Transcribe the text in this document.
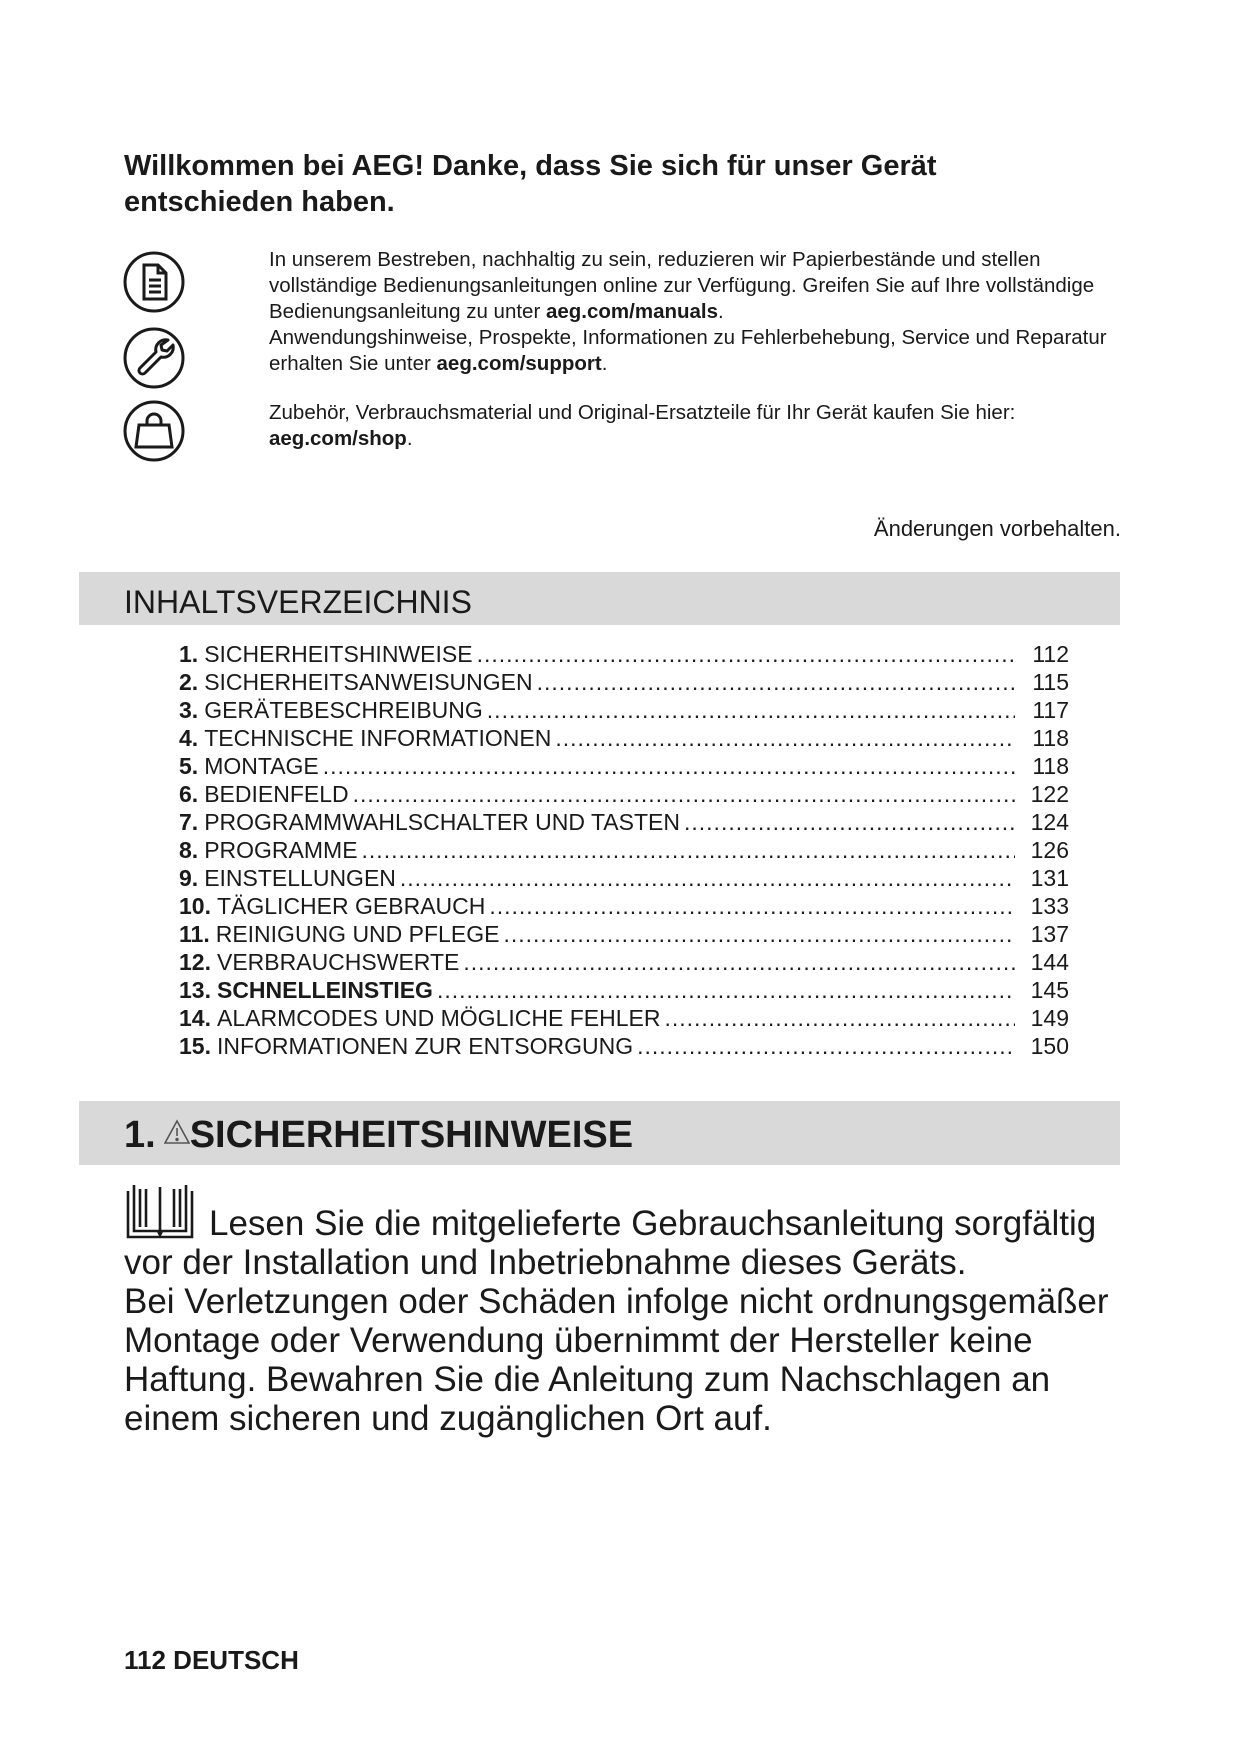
Willkommen bei AEG! Danke, dass Sie sich für unser Gerät
entschieden haben.

In unserem Bestreben, nachhaltig zu sein, reduzieren wir Papierbestände und stellen vollständige Bedienungsanleitungen online zur Verfügung. Greifen Sie auf Ihre vollständige Bedienungsanleitung zu unter aeg.com/manuals.

Anwendungshinweise, Prospekte, Informationen zu Fehlerbehebung, Service und Reparatur erhalten Sie unter aeg.com/support.

Zubehör, Verbrauchsmaterial und Original-Ersatzteile für Ihr Gerät kaufen Sie hier: aeg.com/shop.

Änderungen vorbehalten.
INHALTSVERZEICHNIS
1. SICHERHEITSHINWEISE .....	112
2. SICHERHEITSANWEISUNGEN .....	115
3. GERÄTEBESCHREIBUNG .....	117
4. TECHNISCHE INFORMATIONEN .....	118
5. MONTAGE .....	118
6. BEDIENFELD .....	122
7. PROGRAMMWAHLSCHALTER UND TASTEN .....	124
8. PROGRAMME .....	126
9. EINSTELLUNGEN .....	131
10. TÄGLICHER GEBRAUCH .....	133
11. REINIGUNG UND PFLEGE .....	137
12. VERBRAUCHSWERTE .....	144
13. SCHNELLEINSTIEG .....	145
14. ALARMCODES UND MÖGLICHE FEHLER .....	149
15. INFORMATIONEN ZUR ENTSORGUNG .....	150
1. SICHERHEITSHINWEISE

Lesen Sie die mitgelieferte Gebrauchsanleitung sorgfältig vor der Installation und Inbetriebnahme dieses Geräts.
Bei Verletzungen oder Schäden infolge nicht ordnungsgemäßer Montage oder Verwendung übernimmt der Hersteller keine Haftung. Bewahren Sie die Anleitung zum Nachschlagen an einem sicheren und zugänglichen Ort auf.

112 DEUTSCH
